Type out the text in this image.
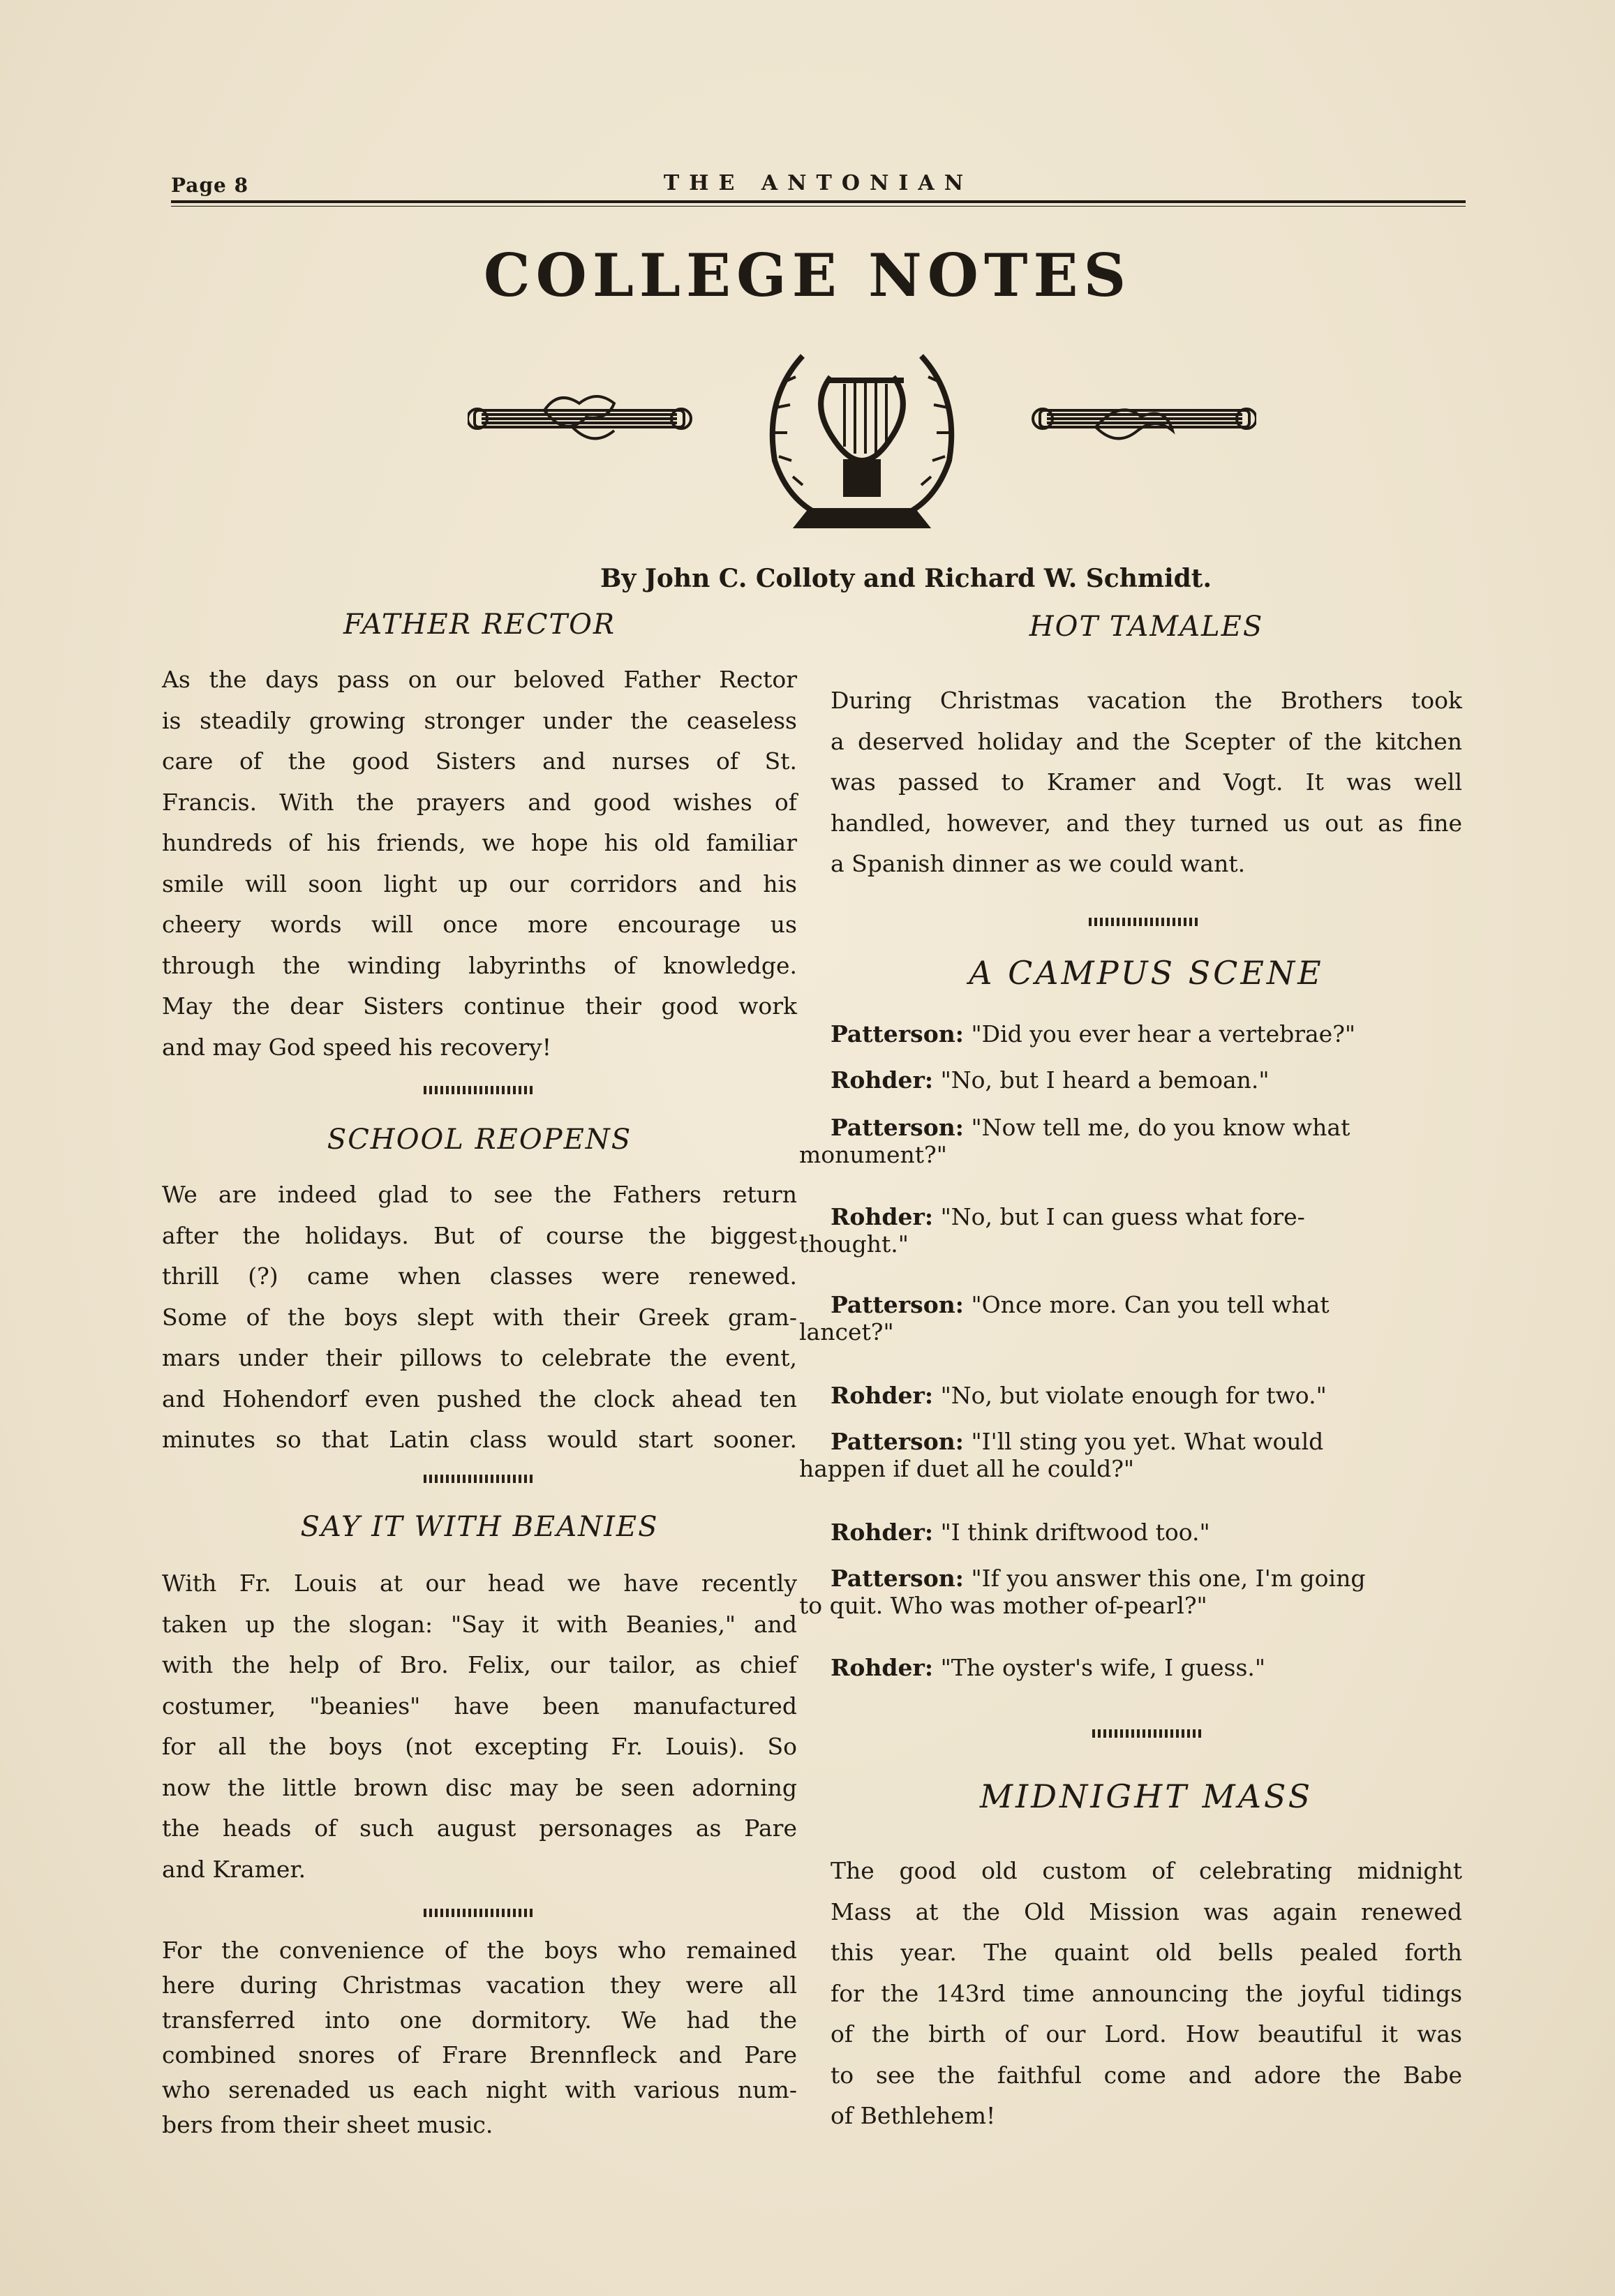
Page 8	THE ANTONIAN
COLLEGE NOTES
By John C. Colloty and Richard W. Schmidt.
FATHER RECTOR
As the days pass on our beloved Father Rector
is steadily growing stronger under the ceaseless
care of the good Sisters and nurses of St.
Francis. With the prayers and good wishes of
hundreds of his friends, we hope his old familiar
smile will soon light up our corridors and his
cheery words will once more encourage us
through the winding labyrinths of knowledge.
May the dear Sisters continue their good work
and may God speed his recovery!
SCHOOL REOPENS
We are indeed glad to see the Fathers return
after the holidays. But of course the biggest
thrill (?) came when classes were renewed.
Some of the boys slept with their Greek gram-
mars under their pillows to celebrate the event,
and Hohendorf even pushed the clock ahead ten
minutes so that Latin class would start sooner.
SAY IT WITH BEANIES
With Fr. Louis at our head we have recently
taken up the slogan: "Say it with Beanies," and
with the help of Bro. Felix, our tailor, as chief
costumer, "beanies" have been manufactured
for all the boys (not excepting Fr. Louis). So
now the little brown disc may be seen adorning
the heads of such august personages as Pare
and Kramer.
For the convenience of the boys who remained
here during Christmas vacation they were all
transferred into one dormitory. We had the
combined snores of Frare Brennfleck and Pare
who serenaded us each night with various num-
bers from their sheet music.
HOT TAMALES
During Christmas vacation the Brothers took
a deserved holiday and the Scepter of the kitchen
was passed to Kramer and Vogt. It was well
handled, however, and they turned us out as fine
a Spanish dinner as we could want.
A CAMPUS SCENE
Patterson: "Did you ever hear a vertebrae?"
Rohder: "No, but I heard a bemoan."
Patterson: "Now tell me, do you know what
monument?"
Rohder: "No, but I can guess what fore-
thought."
Patterson: "Once more. Can you tell what
lancet?"
Rohder: "No, but violate enough for two."
Patterson: "I'll sting you yet. What would
happen if duet all he could?"
Rohder: "I think driftwood too."
Patterson: "If you answer this one, I'm going
to quit. Who was mother of-pearl?"
Rohder: "The oyster's wife, I guess."
MIDNIGHT MASS
The good old custom of celebrating midnight
Mass at the Old Mission was again renewed
this year. The quaint old bells pealed forth
for the 143rd time announcing the joyful tidings
of the birth of our Lord. How beautiful it was
to see the faithful come and adore the Babe
of Bethlehem!
